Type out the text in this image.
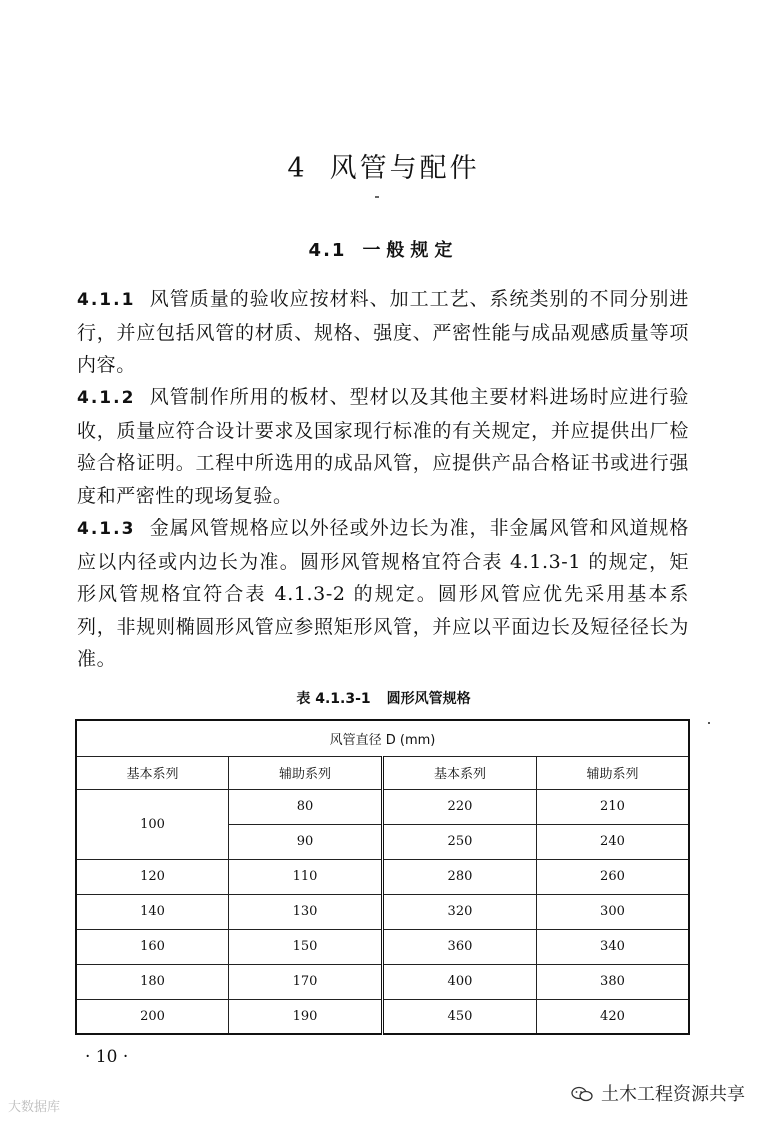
4 风管与配件
4.1 一般规定
4.1.1 风管质量的验收应按材料、加工工艺、系统类别的不同分别进行，并应包括风管的材质、规格、强度、严密性能与成品观感质量等项内容。
4.1.2 风管制作所用的板材、型材以及其他主要材料进场时应进行验收，质量应符合设计要求及国家现行标准的有关规定，并应提供出厂检验合格证明。工程中所选用的成品风管，应提供产品合格证书或进行强度和严密性的现场复验。
4.1.3 金属风管规格应以外径或外边长为准，非金属风管和风道规格应以内径或内边长为准。圆形风管规格宜符合表 4.1.3-1 的规定，矩形风管规格宜符合表 4.1.3-2 的规定。圆形风管应优先采用基本系列，非规则椭圆形风管应参照矩形风管，并应以平面边长及短径径长为准。
表 4.1.3-1 圆形风管规格
风管直径 D (mm)			
基本系列	辅助系列	基本系列	辅助系列
100	80	220	210
	90	250	240
120	110	280	260
140	130	320	300
160	150	360	340
180	170	400	380
200	190	450	420
· 10 ·
土木工程资源共享
大数据库
